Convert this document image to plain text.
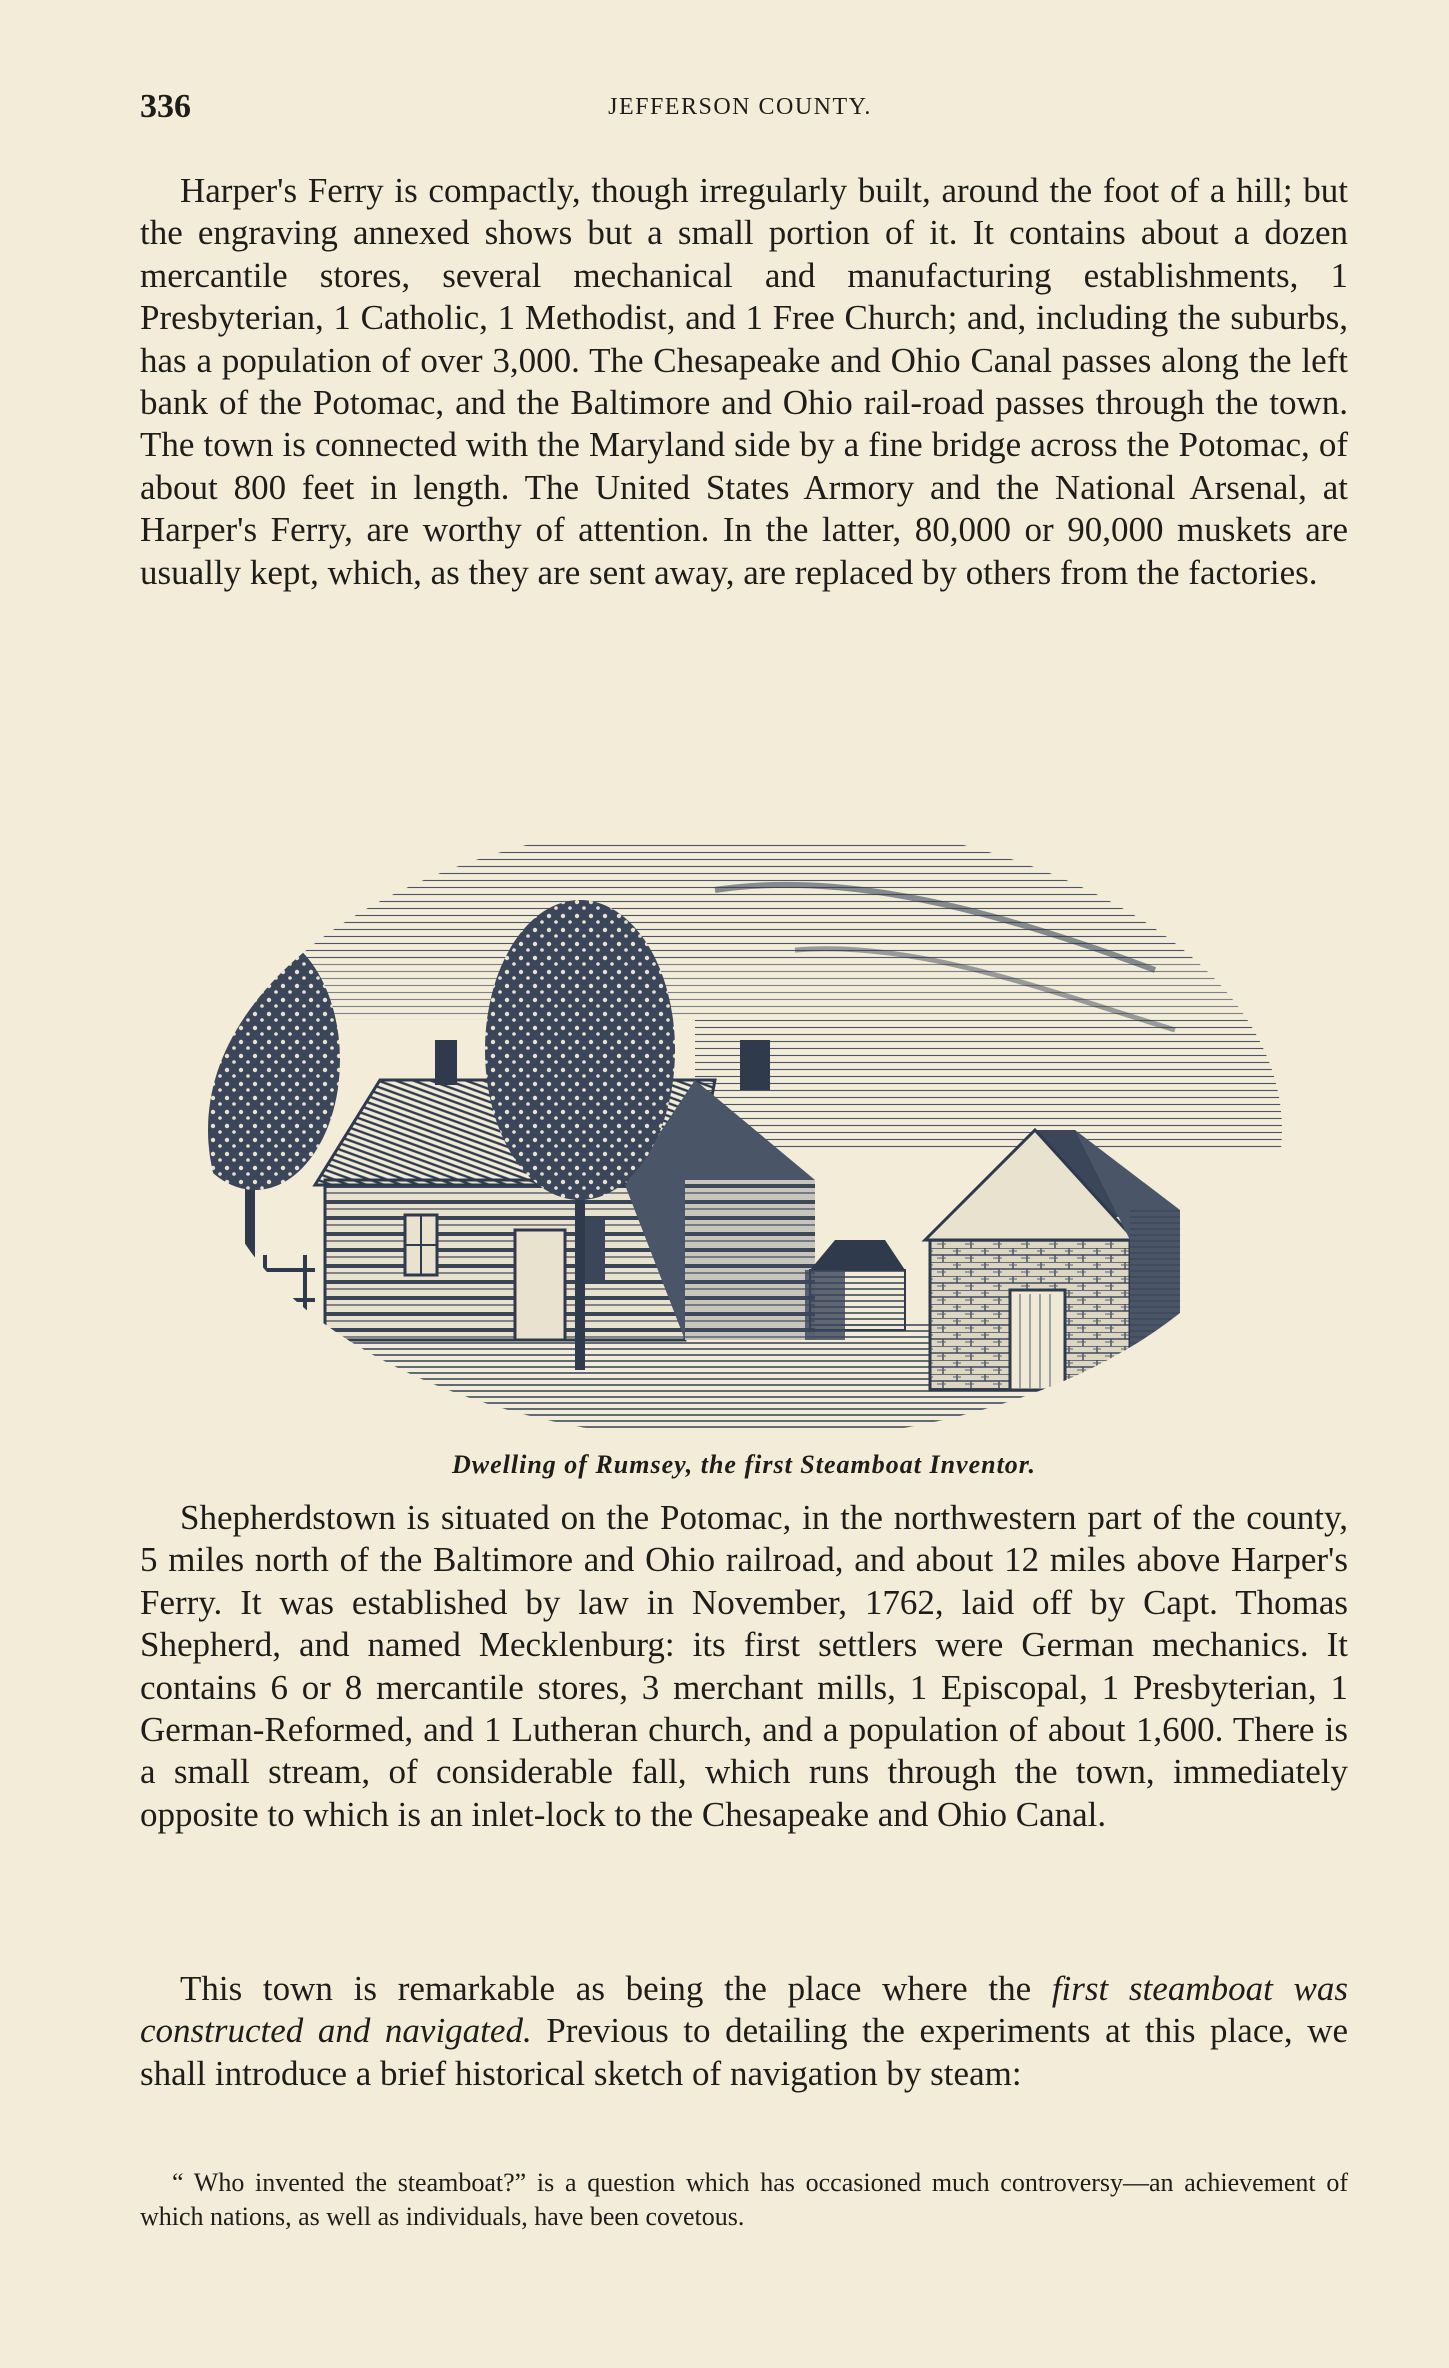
336	JEFFERSON COUNTY.

Harper's Ferry is compactly, though irregularly built, around the foot of a hill; but the engraving annexed shows but a small portion of it. It contains about a dozen mercantile stores, several mechanical and manufacturing establishments, 1 Presbyterian, 1 Catholic, 1 Methodist, and 1 Free Church; and, including the suburbs, has a population of over 3,000. The Chesapeake and Ohio Canal passes along the left bank of the Potomac, and the Baltimore and Ohio rail-road passes through the town. The town is connected with the Maryland side by a fine bridge across the Potomac, of about 800 feet in length. The United States Armory and the National Arsenal, at Harper's Ferry, are worthy of attention. In the latter, 80,000 or 90,000 muskets are usually kept, which, as they are sent away, are replaced by others from the factories.

Dwelling of Rumsey, the first Steamboat Inventor.

Shepherdstown is situated on the Potomac, in the northwestern part of the county, 5 miles north of the Baltimore and Ohio railroad, and about 12 miles above Harper's Ferry. It was established by law in November, 1762, laid off by Capt. Thomas Shepherd, and named Mecklenburg: its first settlers were German mechanics. It contains 6 or 8 mercantile stores, 3 merchant mills, 1 Episcopal, 1 Presbyterian, 1 German-Reformed, and 1 Lutheran church, and a population of about 1,600. There is a small stream, of considerable fall, which runs through the town, immediately opposite to which is an inlet-lock to the Chesapeake and Ohio Canal.

This town is remarkable as being the place where the first steamboat was constructed and navigated. Previous to detailing the experiments at this place, we shall introduce a brief historical sketch of navigation by steam:

“ Who invented the steamboat?” is a question which has occasioned much controversy—an achievement of which nations, as well as individuals, have been covetous.
